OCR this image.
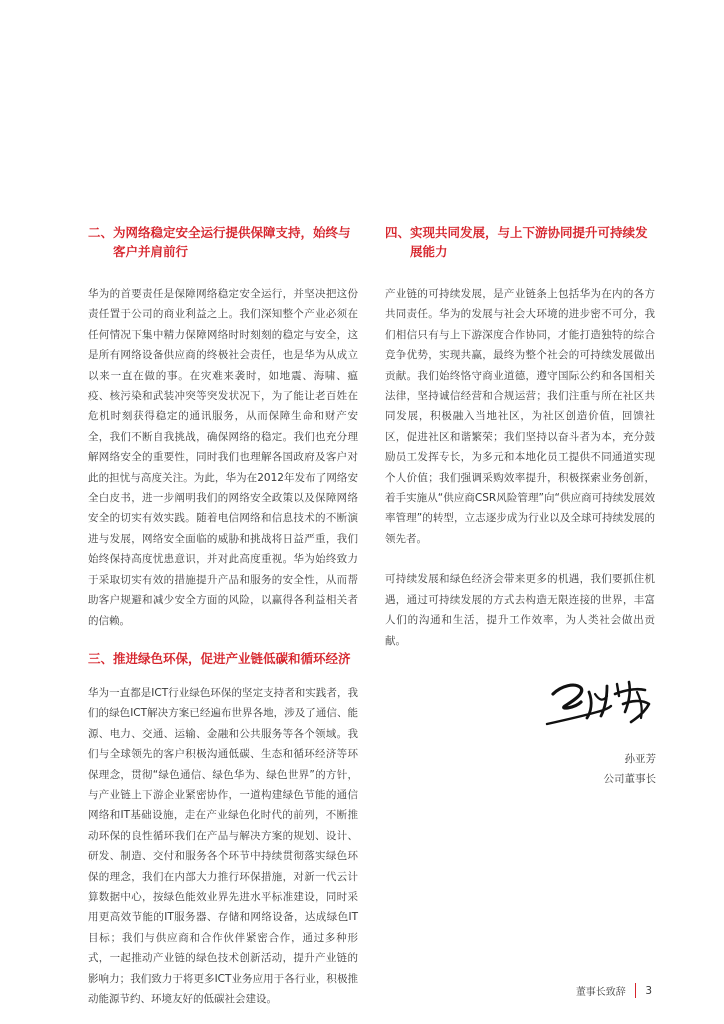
二、为网络稳定安全运行提供保障支持，始终与客户并肩前行

华为的首要责任是保障网络稳定安全运行，并坚决把这份责任置于公司的商业利益之上。我们深知整个产业必须在任何情况下集中精力保障网络时时刻刻的稳定与安全，这是所有网络设备供应商的终极社会责任，也是华为从成立以来一直在做的事。在灾难来袭时，如地震、海啸、瘟疫、核污染和武装冲突等突发状况下，为了能让老百姓在危机时刻获得稳定的通讯服务，从而保障生命和财产安全，我们不断自我挑战，确保网络的稳定。我们也充分理解网络安全的重要性，同时我们也理解各国政府及客户对此的担忧与高度关注。为此，华为在2012年发布了网络安全白皮书，进一步阐明我们的网络安全政策以及保障网络安全的切实有效实践。随着电信网络和信息技术的不断演进与发展，网络安全面临的威胁和挑战将日益严重，我们始终保持高度忧患意识，并对此高度重视。华为始终致力于采取切实有效的措施提升产品和服务的安全性，从而帮助客户规避和减少安全方面的风险，以赢得各利益相关者的信赖。

三、推进绿色环保，促进产业链低碳和循环经济

华为一直都是ICT行业绿色环保的坚定支持者和实践者，我们的绿色ICT解决方案已经遍布世界各地，涉及了通信、能源、电力、交通、运输、金融和公共服务等各个领域。我们与全球领先的客户积极沟通低碳、生态和循环经济等环保理念，贯彻“绿色通信、绿色华为、绿色世界”的方针，与产业链上下游企业紧密协作，一道构建绿色节能的通信网络和IT基础设施，走在产业绿色化时代的前列，不断推动环保的良性循环我们在产品与解决方案的规划、设计、研发、制造、交付和服务各个环节中持续贯彻落实绿色环保的理念，我们在内部大力推行环保措施，对新一代云计算数据中心，按绿色能效业界先进水平标准建设，同时采用更高效节能的IT服务器、存储和网络设备，达成绿色IT目标；我们与供应商和合作伙伴紧密合作，通过多种形式，一起推动产业链的绿色技术创新活动，提升产业链的影响力；我们致力于将更多ICT业务应用于各行业，积极推动能源节约、环境友好的低碳社会建设。

四、实现共同发展，与上下游协同提升可持续发展能力

产业链的可持续发展，是产业链条上包括华为在内的各方共同责任。华为的发展与社会大环境的进步密不可分，我们相信只有与上下游深度合作协同，才能打造独特的综合竞争优势，实现共赢，最终为整个社会的可持续发展做出贡献。我们始终恪守商业道德，遵守国际公约和各国相关法律，坚持诚信经营和合规运营；我们注重与所在社区共同发展，积极融入当地社区，为社区创造价值，回馈社区，促进社区和谐繁荣；我们坚持以奋斗者为本，充分鼓励员工发挥专长，为多元和本地化员工提供不同通道实现个人价值；我们强调采购效率提升，积极探索业务创新，着手实施从“供应商CSR风险管理”向“供应商可持续发展效率管理”的转型，立志逐步成为行业以及全球可持续发展的领先者。

可持续发展和绿色经济会带来更多的机遇，我们要抓住机遇，通过可持续发展的方式去构造无限连接的世界，丰富人们的沟通和生活，提升工作效率，为人类社会做出贡献。

孙亚芳
公司董事长
董事长致辞 3
